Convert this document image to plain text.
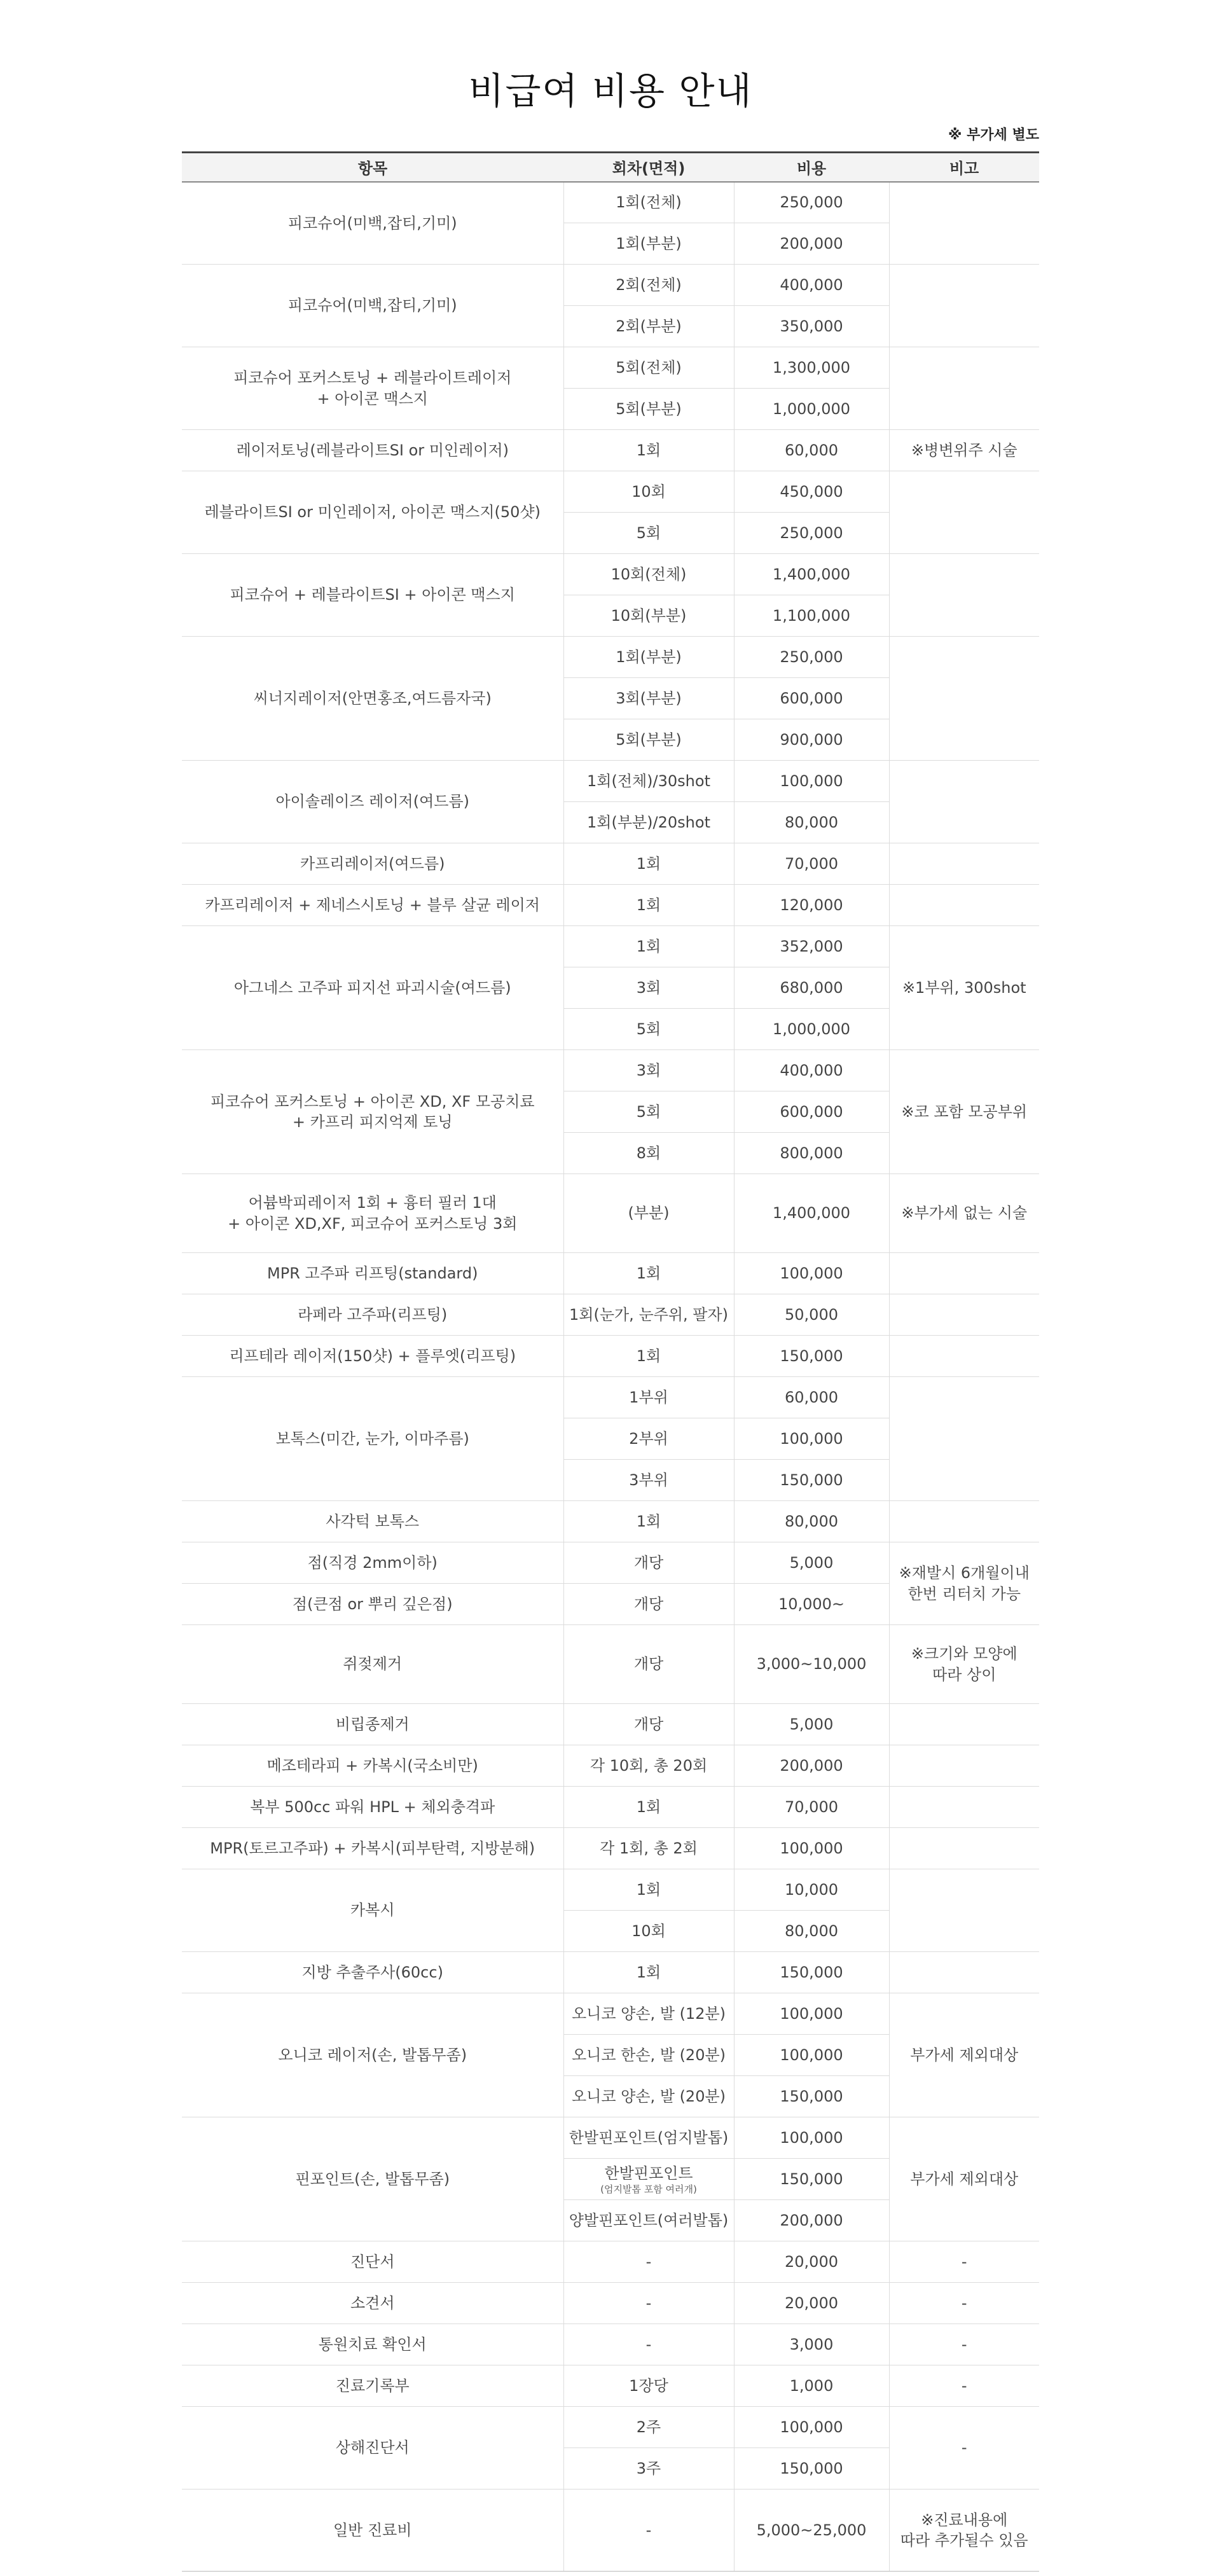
비급여 비용 안내
※ 부가세 별도
항목	회차(면적)	비용	비고

피코슈어(미백,잡티,기미)	1회(전체)	250,000	

	1회(부분)	200,000	

피코슈어(미백,잡티,기미)	2회(전체)	400,000	

	2회(부분)	350,000	

피코슈어 포커스토닝 + 레블라이트레이저
+ 아이콘 맥스지	5회(전체)	1,300,000	

	5회(부분)	1,000,000	

레이저토닝(레블라이트SI or 미인레이저)	1회	60,000	※병변위주 시술

레블라이트SI or 미인레이저, 아이콘 맥스지(50샷)	10회	450,000	

	5회	250,000	

피코슈어 + 레블라이트SI + 아이콘 맥스지	10회(전체)	1,400,000	

	10회(부분)	1,100,000	

씨너지레이저(안면홍조,여드름자국)	1회(부분)	250,000	

	3회(부분)	600,000	

	5회(부분)	900,000	

아이솔레이즈 레이저(여드름)	1회(전체)/30shot	100,000	

	1회(부분)/20shot	80,000	

카프리레이저(여드름)	1회	70,000	

카프리레이저 + 제네스시토닝 + 블루 살균 레이저	1회	120,000	

아그네스 고주파 피지선 파괴시술(여드름)	1회	352,000	※1부위, 300shot

	3회	680,000	

	5회	1,000,000	

피코슈어 포커스토닝 + 아이콘 XD, XF 모공치료
+ 카프리 피지억제 토닝	3회	400,000	※코 포함 모공부위

	5회	600,000	

	8회	800,000	

어븀박피레이저 1회 + 흉터 필러 1대
+ 아이콘 XD,XF, 피코슈어 포커스토닝 3회	(부분)	1,400,000	※부가세 없는 시술

MPR 고주파 리프팅(standard)	1회	100,000	

라페라 고주파(리프팅)	1회(눈가, 눈주위, 팔자)	50,000	

리프테라 레이저(150샷) + 플루엣(리프팅)	1회	150,000	

보톡스(미간, 눈가, 이마주름)	1부위	60,000	

	2부위	100,000	

	3부위	150,000	

사각턱 보톡스	1회	80,000	

점(직경 2mm이하)	개당	5,000	※재발시 6개월이내
한번 리터치 가능

점(큰점 or 뿌리 깊은점)	개당	10,000~	

쥐젖제거	개당	3,000~10,000	※크기와 모양에
따라 상이

비립종제거	개당	5,000	

메조테라피 + 카복시(국소비만)	각 10회, 총 20회	200,000	

복부 500cc 파워 HPL + 체외충격파	1회	70,000	

MPR(토르고주파) + 카복시(피부탄력, 지방분해)	각 1회, 총 2회	100,000	

카복시	1회	10,000	

	10회	80,000	

지방 추출주사(60cc)	1회	150,000	

오니코 레이저(손, 발톱무좀)	오니코 양손, 발 (12분)	100,000	부가세 제외대상

	오니코 한손, 발 (20분)	100,000	

	오니코 양손, 발 (20분)	150,000	

핀포인트(손, 발톱무좀)	한발핀포인트(엄지발톱)	100,000	부가세 제외대상

	한발핀포인트
(엄지발톱 포함 여러개)	150,000	

	양발핀포인트(여러발톱)	200,000	

진단서	-	20,000	-

소견서	-	20,000	-

통원치료 확인서	-	3,000	-

진료기록부	1장당	1,000	-

상해진단서	2주	100,000	-

	3주	150,000	

일반 진료비	-	5,000~25,000	※진료내용에
따라 추가될수 있음
